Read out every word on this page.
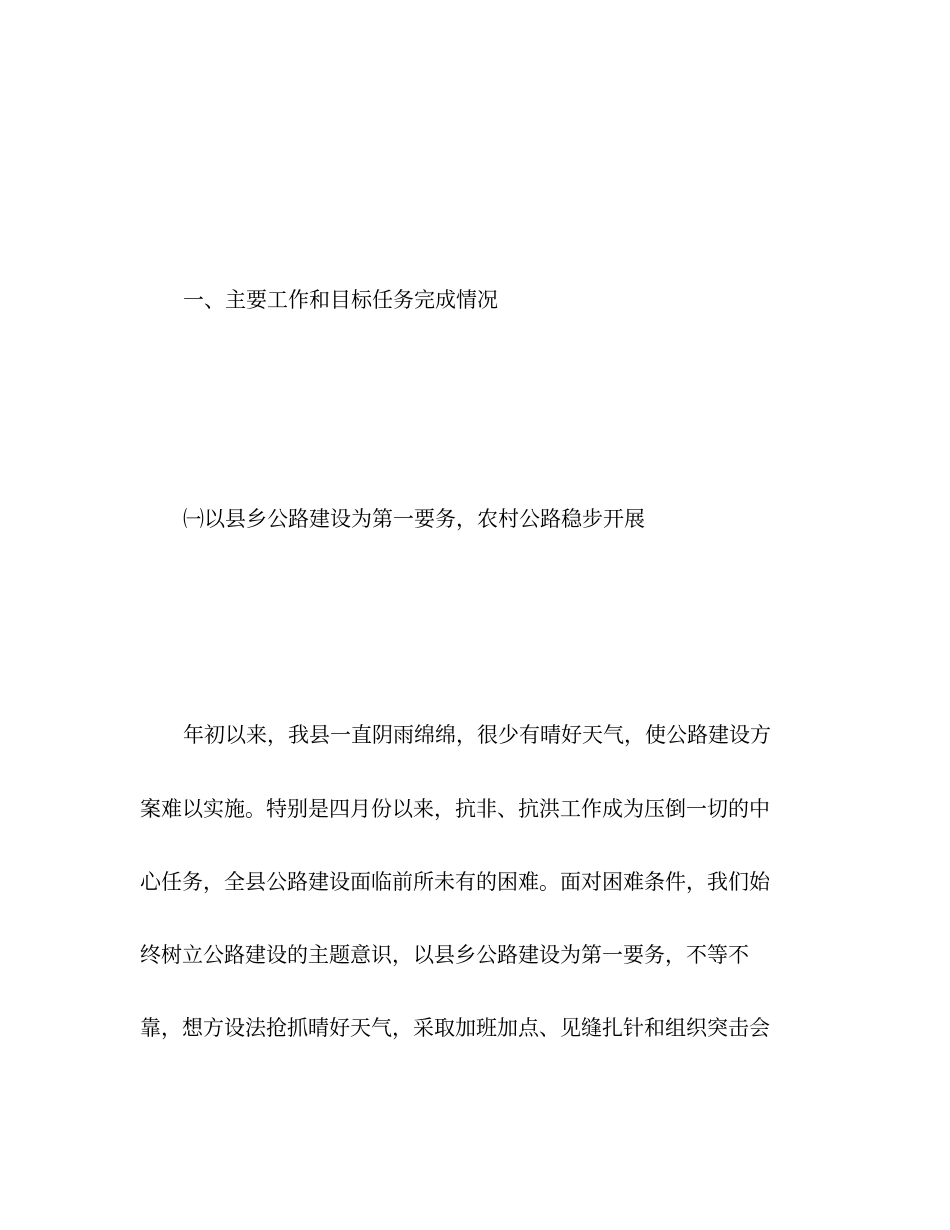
一、主要工作和目标任务完成情况
㈠以县乡公路建设为第一要务，农村公路稳步开展

年初以来，我县一直阴雨绵绵，很少有晴好天气，使公路建设方

案难以实施。特别是四月份以来，抗非、抗洪工作成为压倒一切的中

心任务，全县公路建设面临前所未有的困难。面对困难条件，我们始

终树立公路建设的主题意识，以县乡公路建设为第一要务，不等不

靠，想方设法抢抓晴好天气，采取加班加点、见缝扎针和组织突击会
